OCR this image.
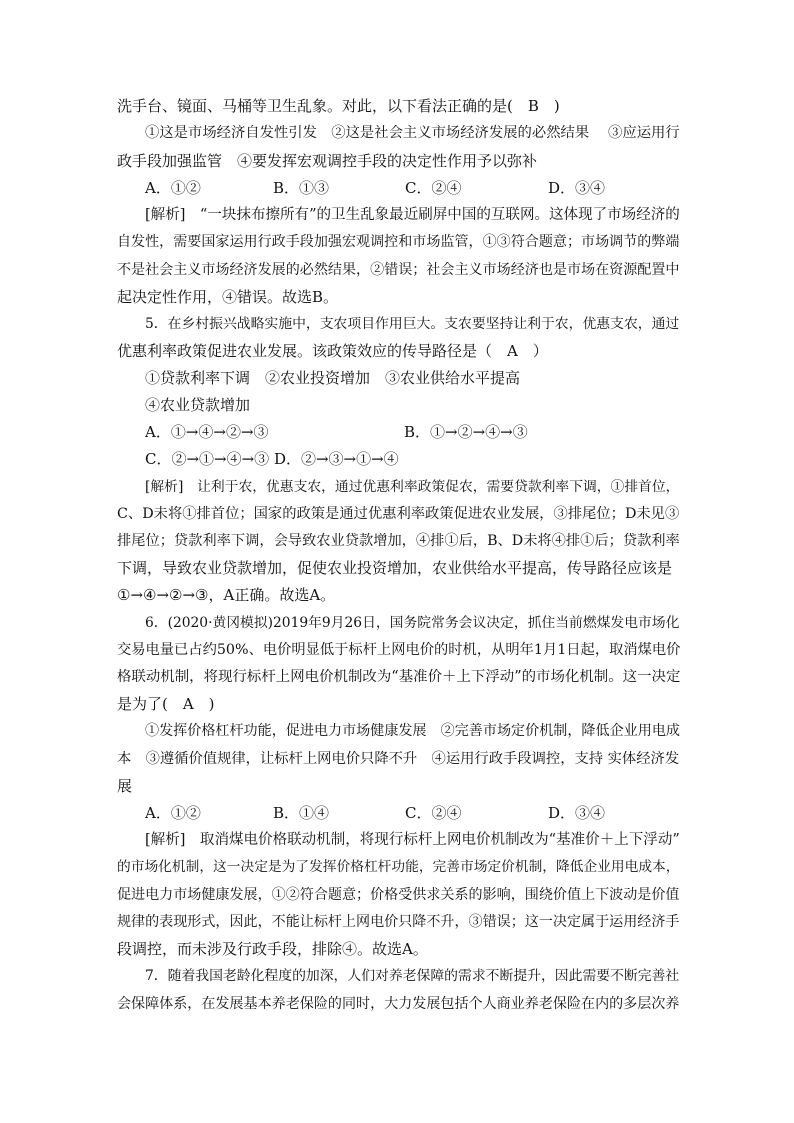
洗手台、镜面、马桶等卫生乱象。对此，以下看法正确的是(　B　)
①这是市场经济自发性引发　②这是社会主义市场经济发展的必然结果　 ③应运用行
政手段加强监管　④要发挥宏观调控手段的决定性作用予以弥补
A．①②	B．①③	C．②④	D．③④
[解析]　“一块抹布擦所有”的卫生乱象最近刷屏中国的互联网。这体现了市场经济的
自发性，需要国家运用行政手段加强宏观调控和市场监管，①③符合题意；市场调节的弊端
不是社会主义市场经济发展的必然结果，②错误；社会主义市场经济也是市场在资源配置中
起决定性作用，④错误。故选B。
5．在乡村振兴战略实施中，支农项目作用巨大。支农要坚持让利于农，优惠支农，通过
优惠利率政策促进农业发展。该政策效应的传导路径是（　A　）
①贷款利率下调　②农业投资增加　③农业供给水平提高
④农业贷款增加
A．①→④→②→③	B．①→②→④→③
C．②→①→④→③ D．②→③→①→④
[解析]　让利于农，优惠支农，通过优惠利率政策促农，需要贷款利率下调，①排首位，
C、D未将①排首位；国家的政策是通过优惠利率政策促进农业发展，③排尾位；D未见③
排尾位；贷款利率下调，会导致农业贷款增加，④排①后，B、D未将④排①后；贷款利率
下调，导致农业贷款增加，促使农业投资增加，农业供给水平提高，传导路径应该是
①→④→②→③，A正确。故选A。
6．(2020·黄冈模拟)2019年9月26日，国务院常务会议决定，抓住当前燃煤发电市场化
交易电量已占约50%、电价明显低于标杆上网电价的时机，从明年1月1日起，取消煤电价
格联动机制，将现行标杆上网电价机制改为“基准价＋上下浮动”的市场化机制。这一决定
是为了(　A　)
①发挥价格杠杆功能，促进电力市场健康发展　②完善市场定价机制，降低企业用电成
本　③遵循价值规律，让标杆上网电价只降不升　④运用行政手段调控，支持 实体经济发
展
A．①②	B．①④	C．②④	D．③④
[解析]　取消煤电价格联动机制，将现行标杆上网电价机制改为“基准价＋上下浮动”
的市场化机制，这一决定是为了发挥价格杠杆功能，完善市场定价机制，降低企业用电成本，
促进电力市场健康发展，①②符合题意；价格受供求关系的影响，围绕价值上下波动是价值
规律的表现形式，因此，不能让标杆上网电价只降不升，③错误；这一决定属于运用经济手
段调控，而未涉及行政手段，排除④。故选A。
7．随着我国老龄化程度的加深，人们对养老保障的需求不断提升，因此需要不断完善社
会保障体系，在发展基本养老保险的同时，大力发展包括个人商业养老保险在内的多层次养
